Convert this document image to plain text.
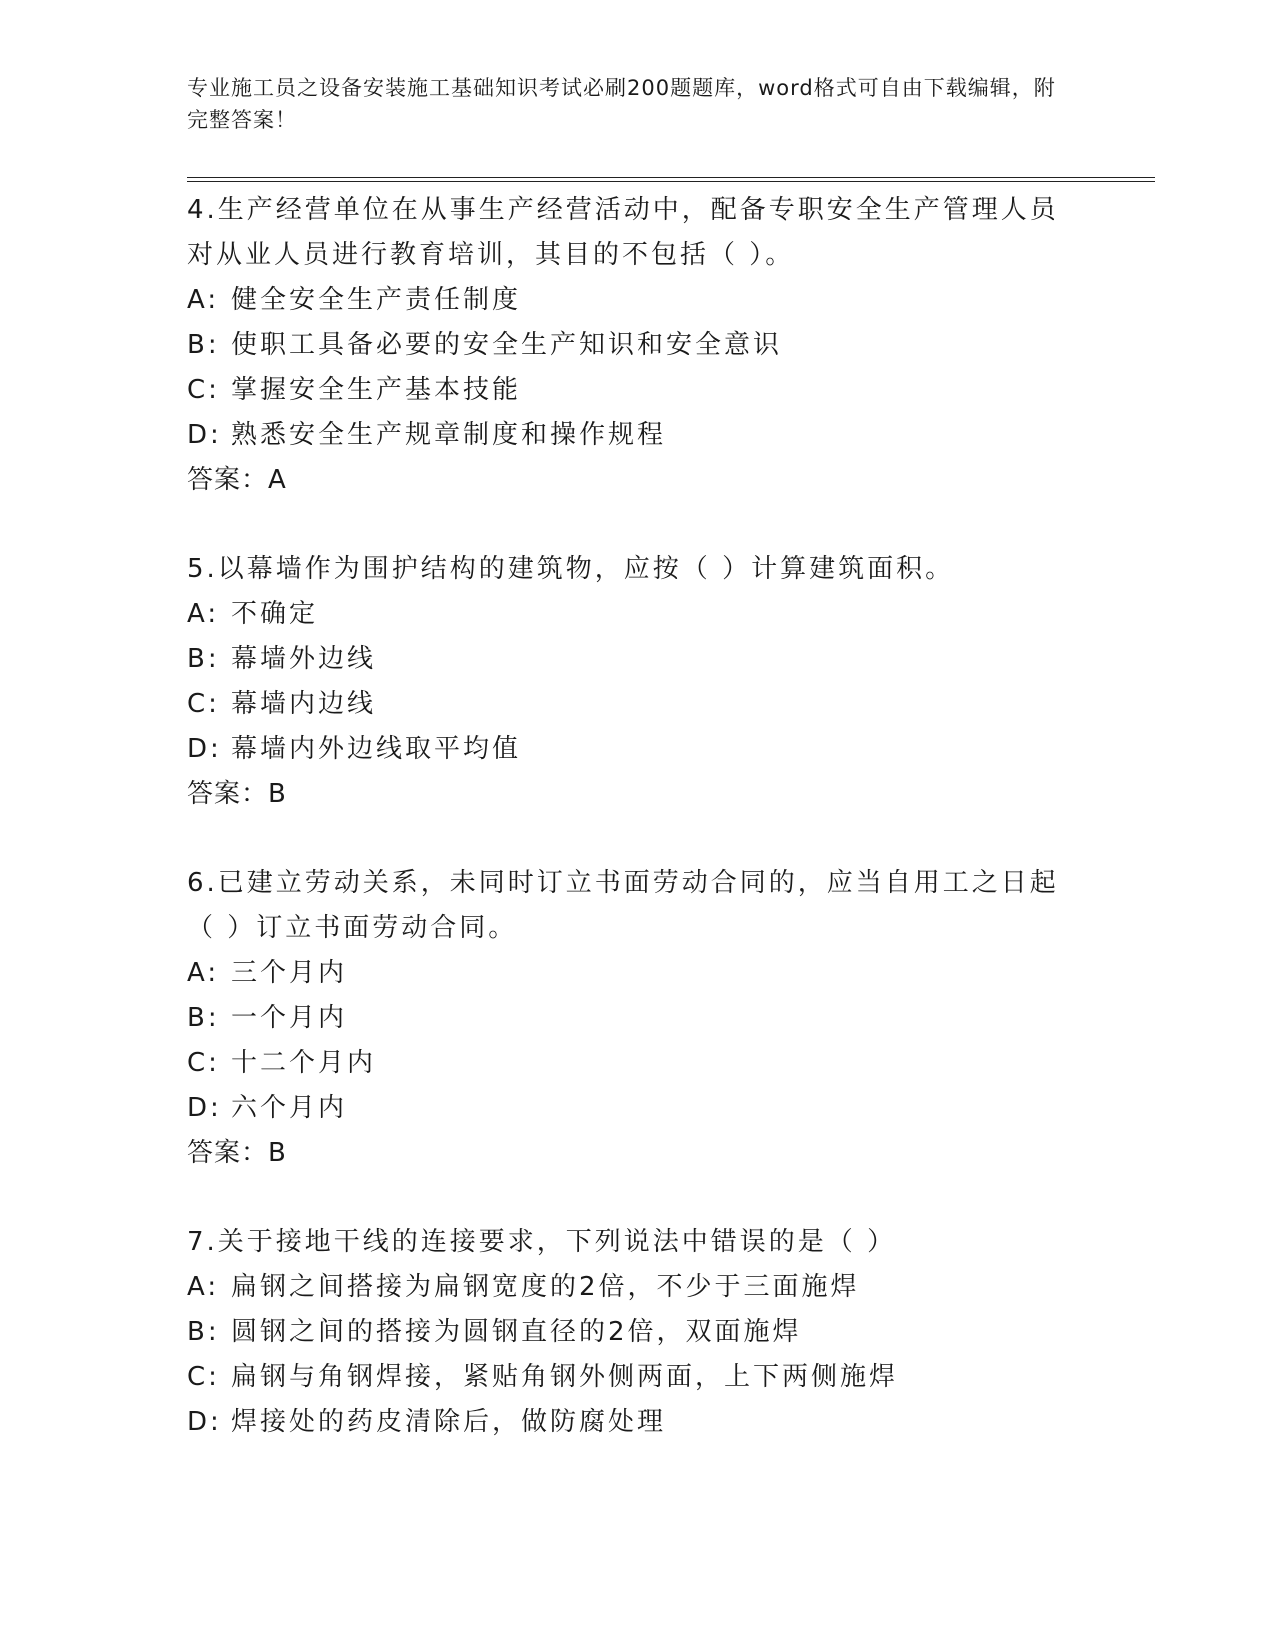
专业施工员之设备安装施工基础知识考试必刷200题题库，word格式可自由下载编辑，附完整答案！

4.生产经营单位在从事生产经营活动中，配备专职安全生产管理人员对从业人员进行教育培训，其目的不包括（ ）。

A: 健全安全生产责任制度

B: 使职工具备必要的安全生产知识和安全意识

C: 掌握安全生产基本技能

D: 熟悉安全生产规章制度和操作规程

答案：A

5.以幕墙作为围护结构的建筑物，应按（ ）计算建筑面积。

A: 不确定

B: 幕墙外边线

C: 幕墙内边线

D: 幕墙内外边线取平均值

答案：B

6.已建立劳动关系，未同时订立书面劳动合同的，应当自用工之日起（ ）订立书面劳动合同。

A: 三个月内

B: 一个月内

C: 十二个月内

D: 六个月内

答案：B

7.关于接地干线的连接要求，下列说法中错误的是（ ）

A: 扁钢之间搭接为扁钢宽度的2倍，不少于三面施焊

B: 圆钢之间的搭接为圆钢直径的2倍，双面施焊

C: 扁钢与角钢焊接，紧贴角钢外侧两面，上下两侧施焊

D: 焊接处的药皮清除后，做防腐处理
